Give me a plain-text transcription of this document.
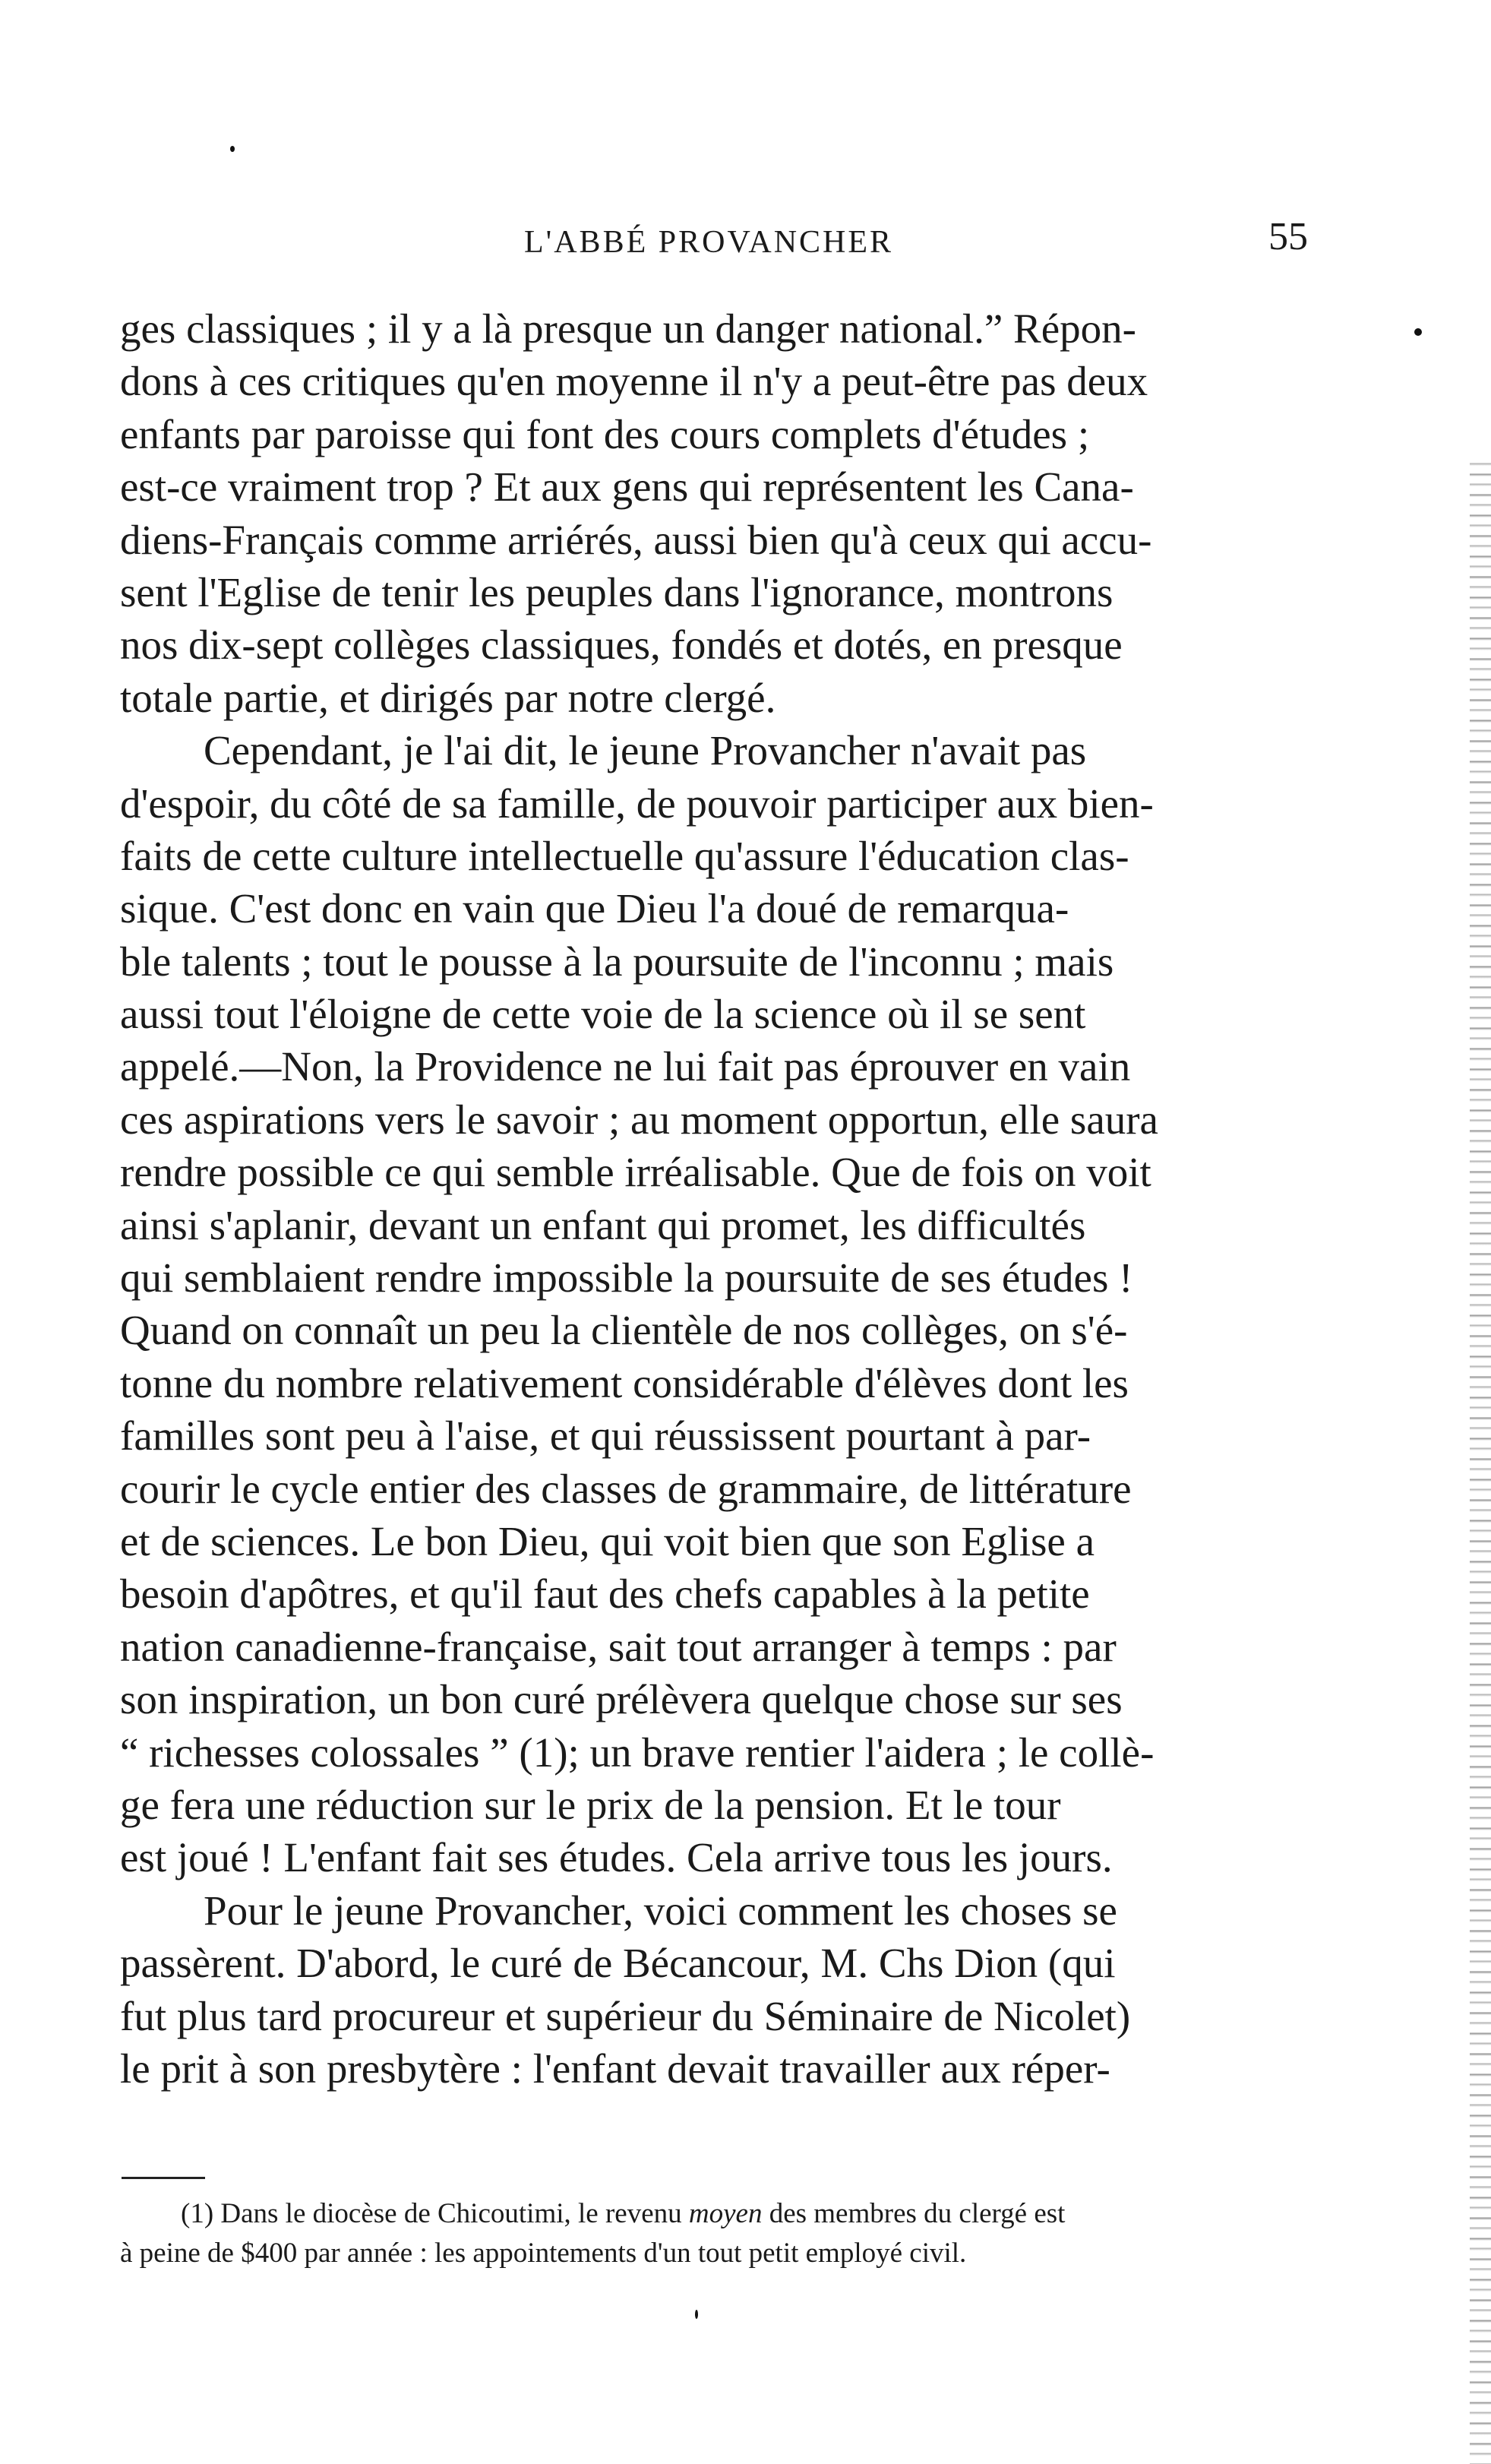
L'ABBÉ PROVANCHER	55
ges classiques ; il y a là presque un danger national.” Répon-
dons à ces critiques qu'en moyenne il n'y a peut-être pas deux
enfants par paroisse qui font des cours complets d'études ;
est-ce vraiment trop ? Et aux gens qui représentent les Cana-
diens-Français comme arriérés, aussi bien qu'à ceux qui accu-
sent l'Eglise de tenir les peuples dans l'ignorance, montrons
nos dix-sept collèges classiques, fondés et dotés, en presque
totale partie, et dirigés par notre clergé.
Cependant, je l'ai dit, le jeune Provancher n'avait pas
d'espoir, du côté de sa famille, de pouvoir participer aux bien-
faits de cette culture intellectuelle qu'assure l'éducation clas-
sique. C'est donc en vain que Dieu l'a doué de remarqua-
ble talents ; tout le pousse à la poursuite de l'inconnu ; mais
aussi tout l'éloigne de cette voie de la science où il se sent
appelé.—Non, la Providence ne lui fait pas éprouver en vain
ces aspirations vers le savoir ; au moment opportun, elle saura
rendre possible ce qui semble irréalisable. Que de fois on voit
ainsi s'aplanir, devant un enfant qui promet, les difficultés
qui semblaient rendre impossible la poursuite de ses études !
Quand on connaît un peu la clientèle de nos collèges, on s'é-
tonne du nombre relativement considérable d'élèves dont les
familles sont peu à l'aise, et qui réussissent pourtant à par-
courir le cycle entier des classes de grammaire, de littérature
et de sciences. Le bon Dieu, qui voit bien que son Eglise a
besoin d'apôtres, et qu'il faut des chefs capables à la petite
nation canadienne-française, sait tout arranger à temps : par
son inspiration, un bon curé prélèvera quelque chose sur ses
“ richesses colossales ” (1); un brave rentier l'aidera ; le collè-
ge fera une réduction sur le prix de la pension. Et le tour
est joué ! L'enfant fait ses études. Cela arrive tous les jours.
Pour le jeune Provancher, voici comment les choses se
passèrent. D'abord, le curé de Bécancour, M. Chs Dion (qui
fut plus tard procureur et supérieur du Séminaire de Nicolet)
le prit à son presbytère : l'enfant devait travailler aux réper-
(1) Dans le diocèse de Chicoutimi, le revenu moyen des membres du clergé est
à peine de $400 par année : les appointements d'un tout petit employé civil.
